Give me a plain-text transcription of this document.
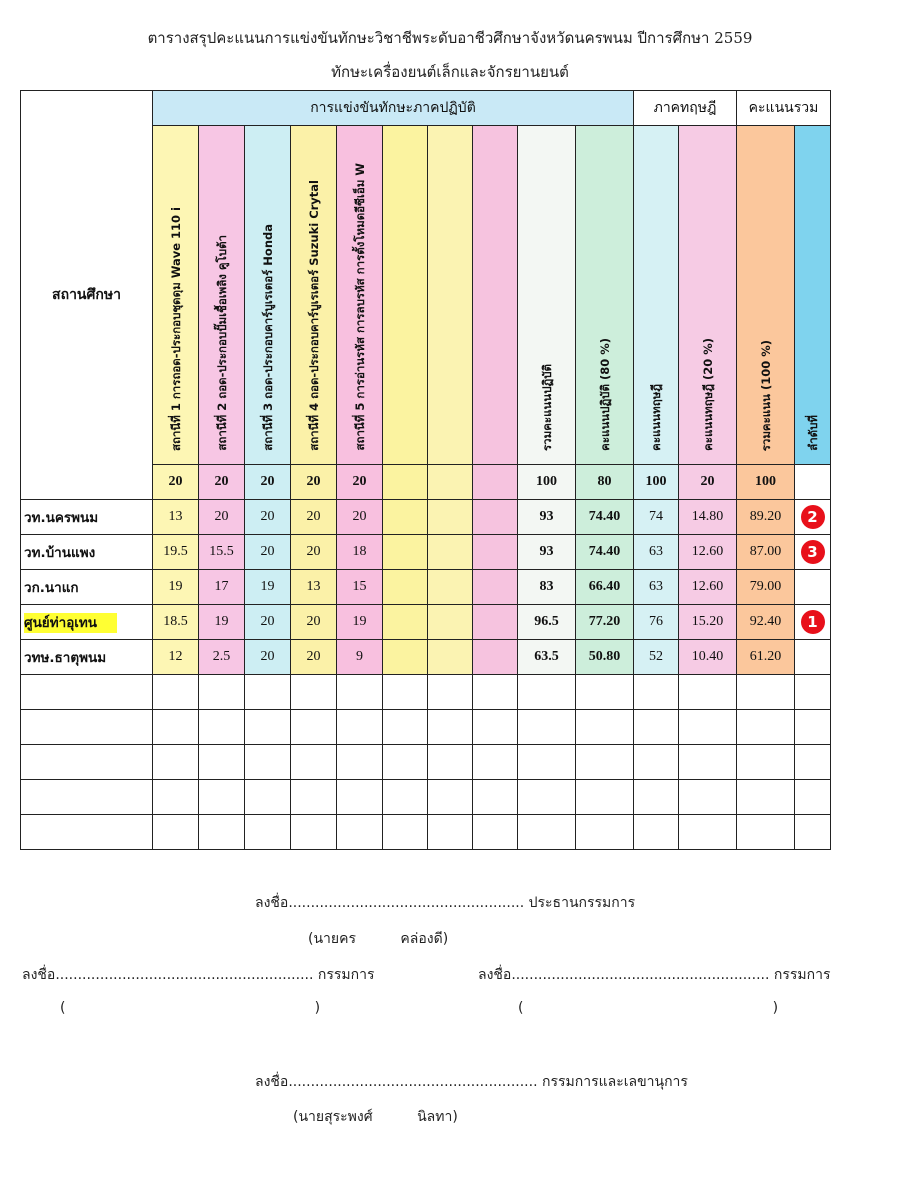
ตารางสรุปคะแนนการแข่งขันทักษะวิชาชีพระดับอาชีวศึกษาจังหวัดนครพนม ปีการศึกษา 2559
ทักษะเครื่องยนต์เล็กและจักรยานยนต์
สถานศึกษา	การแข่งขันทักษะภาคปฏิบัติ										ภาคทฤษฎี		คะแนนรวม	
	สถานีที่ 1 การถอด-ประกอบชุดดุม Wave 110 i	สถานีที่ 2 ถอด-ประกอบปั๊มเชื้อเพลิง คูโบต้า	สถานีที่ 3 ถอด-ประกอบคาร์บูเรเตอร์ Honda	สถานีที่ 4 ถอด-ประกอบคาร์บูเรเตอร์ Suzuki Crytal	สถานีที่ 5 การอ่านรหัส การลบรหัส การตั้งโหมดอีซีเอ็ม W				รวมคะแนนปฏิบัติ	คะแนนปฏิบัติ (80 %)	คะแนนทฤษฎี	คะแนนทฤษฎี (20 %)	รวมคะแนน (100 %)	ลำดับที่
	20	20	20	20	20				100	80	100	20	100	
วท.นครพนม	13	20	20	20	20				93	74.40	74	14.80	89.20	2
วท.บ้านแพง	19.5	15.5	20	20	18				93	74.40	63	12.60	87.00	3
วก.นาแก	19	17	19	13	15				83	66.40	63	12.60	79.00	
ศูนย์ท่าอุเทน	18.5	19	20	20	19				96.5	77.20	76	15.20	92.40	1
วทษ.ธาตุพนม	12	2.5	20	20	9				63.5	50.80	52	10.40	61.20	

ลงชื่อ..................................................... ประธานกรรมการ
(นายคร คล่องดี)
ลงชื่อ.......................................................... กรรมการ	ลงชื่อ.......................................................... กรรมการ
(                                                        )	(                                                        )
ลงชื่อ........................................................ กรรมการและเลขานุการ
(นายสุระพงศ์ นิลทา)
